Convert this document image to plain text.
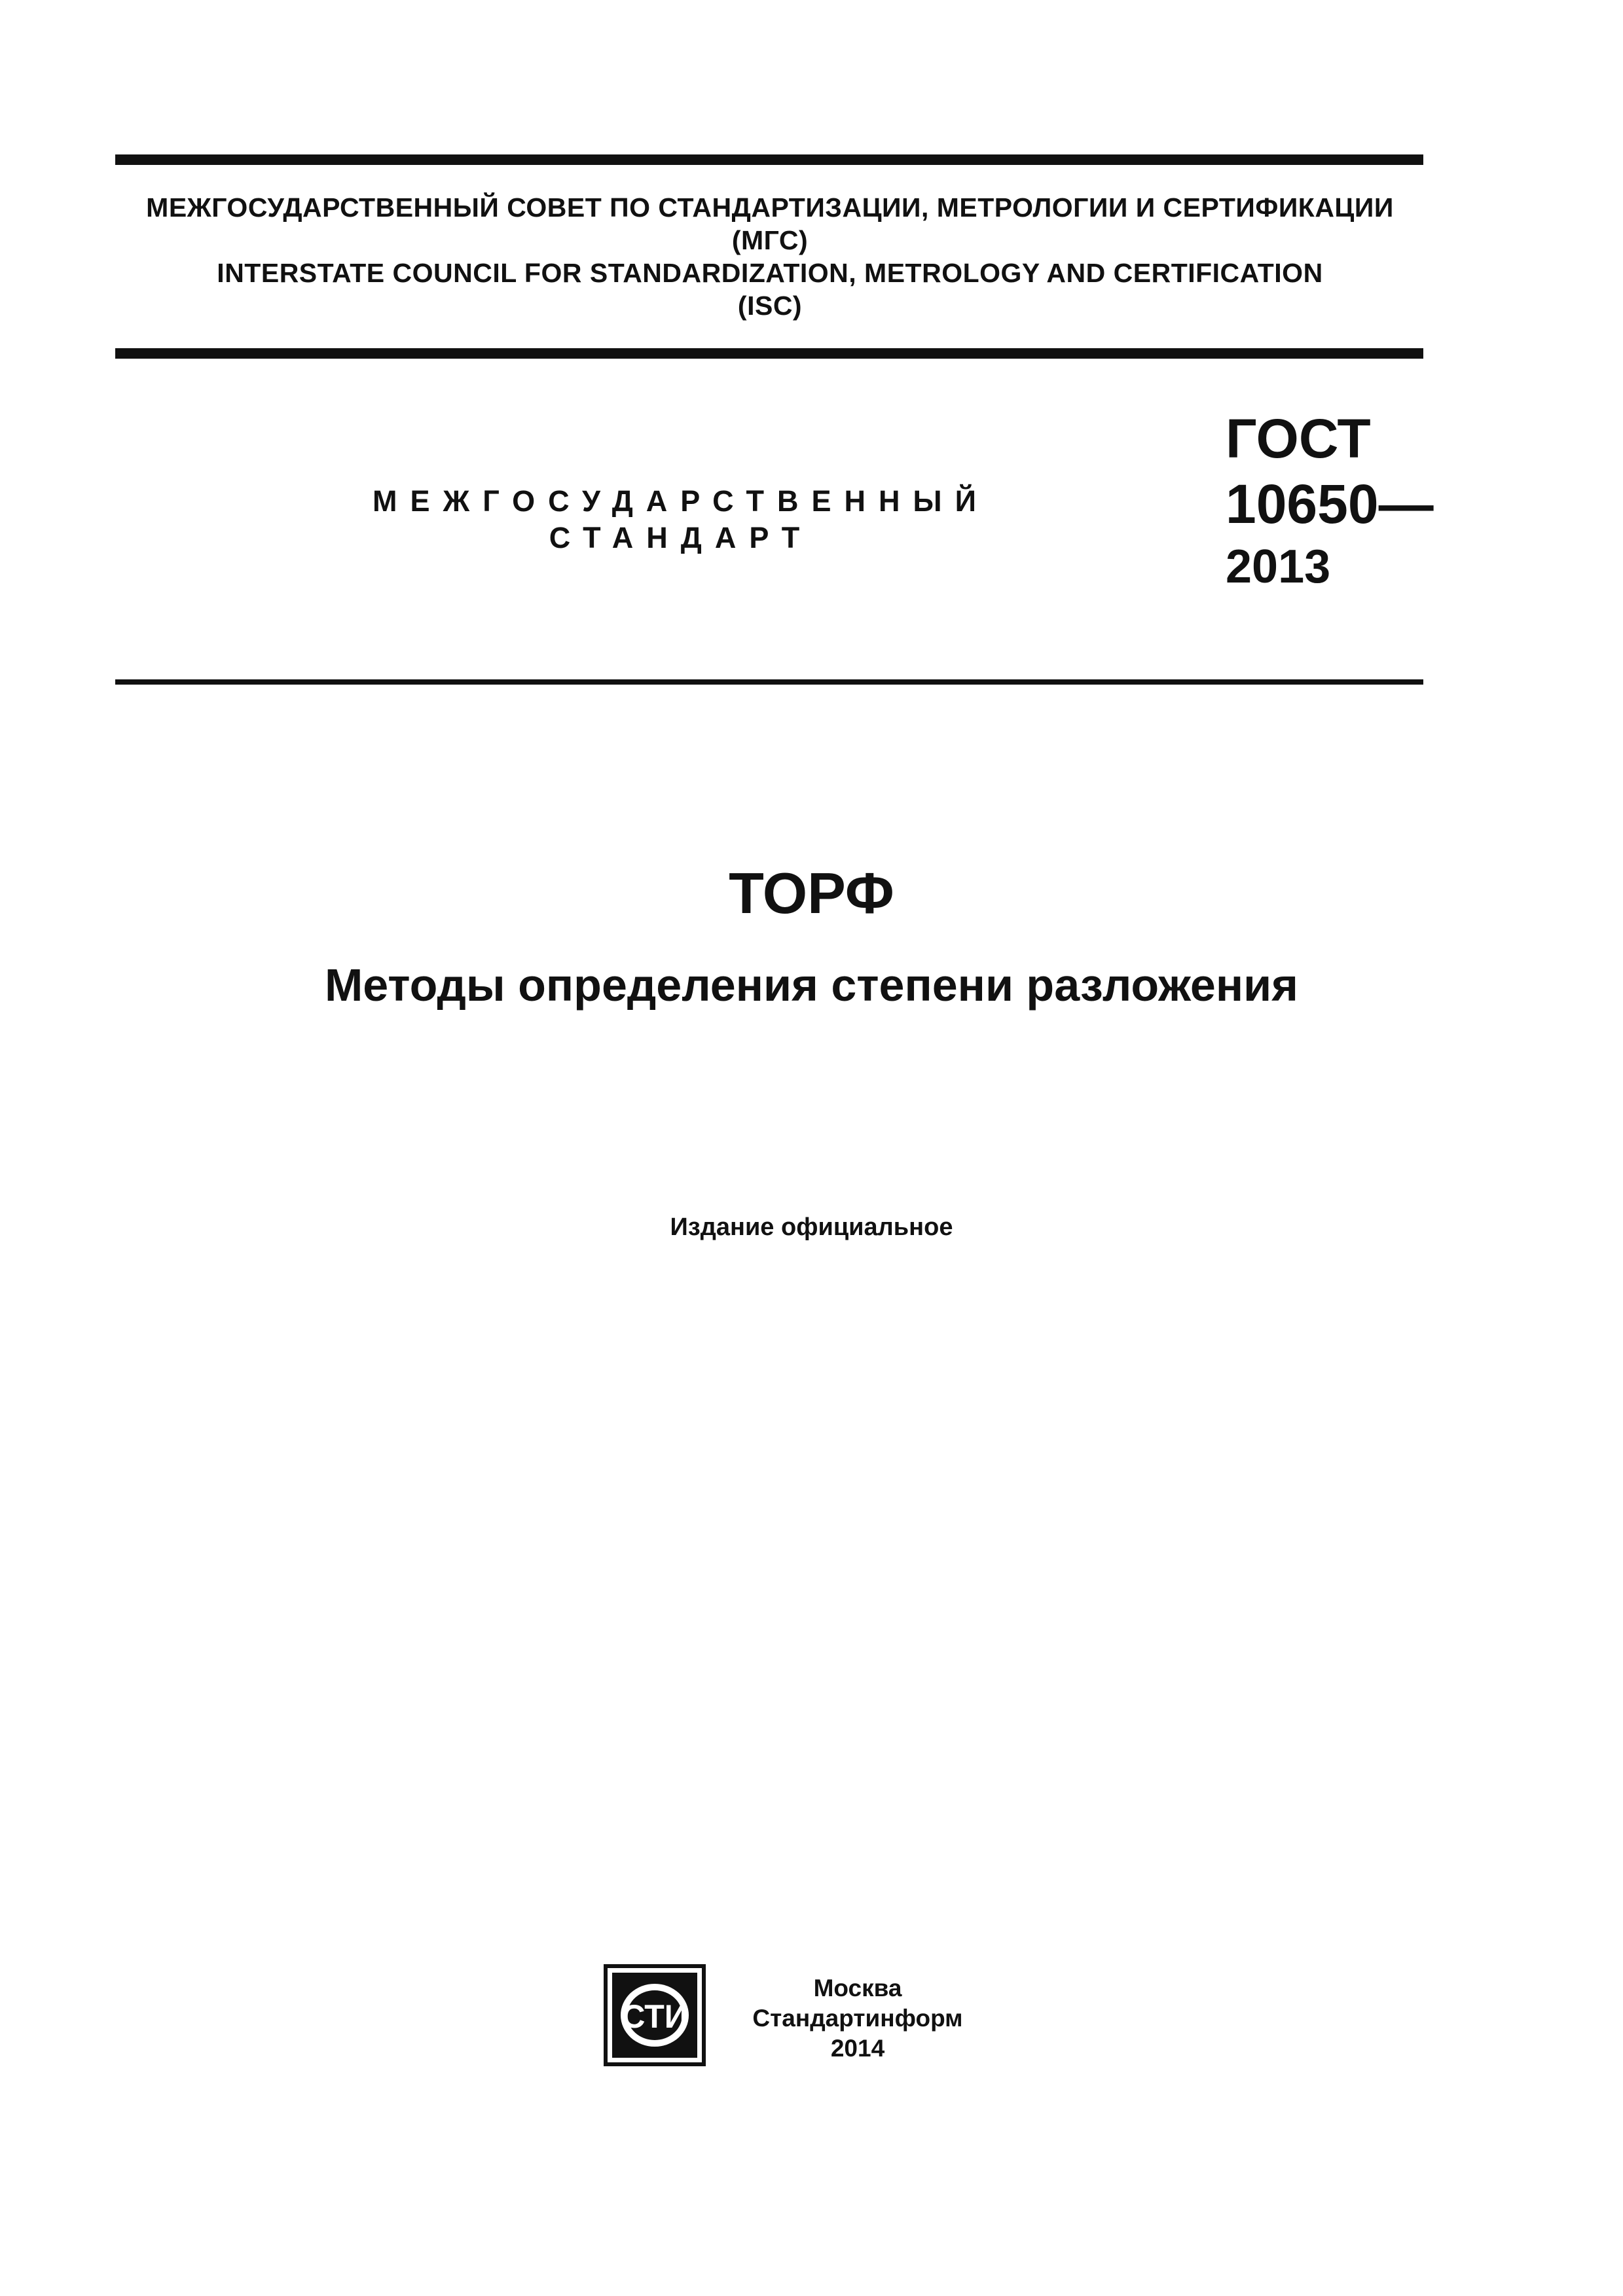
МЕЖГОСУДАРСТВЕННЫЙ СОВЕТ ПО СТАНДАРТИЗАЦИИ, МЕТРОЛОГИИ И СЕРТИФИКАЦИИ
(МГС)
INTERSTATE COUNCIL FOR STANDARDIZATION, METROLOGY AND CERTIFICATION
(ISC)
МЕЖГОСУДАРСТВЕННЫЙ
СТАНДАРТ
ГОСТ
10650—
2013
ТОРФ
Методы определения степени разложения
Издание официальное
СТИ
Москва
Стандартинформ
2014
